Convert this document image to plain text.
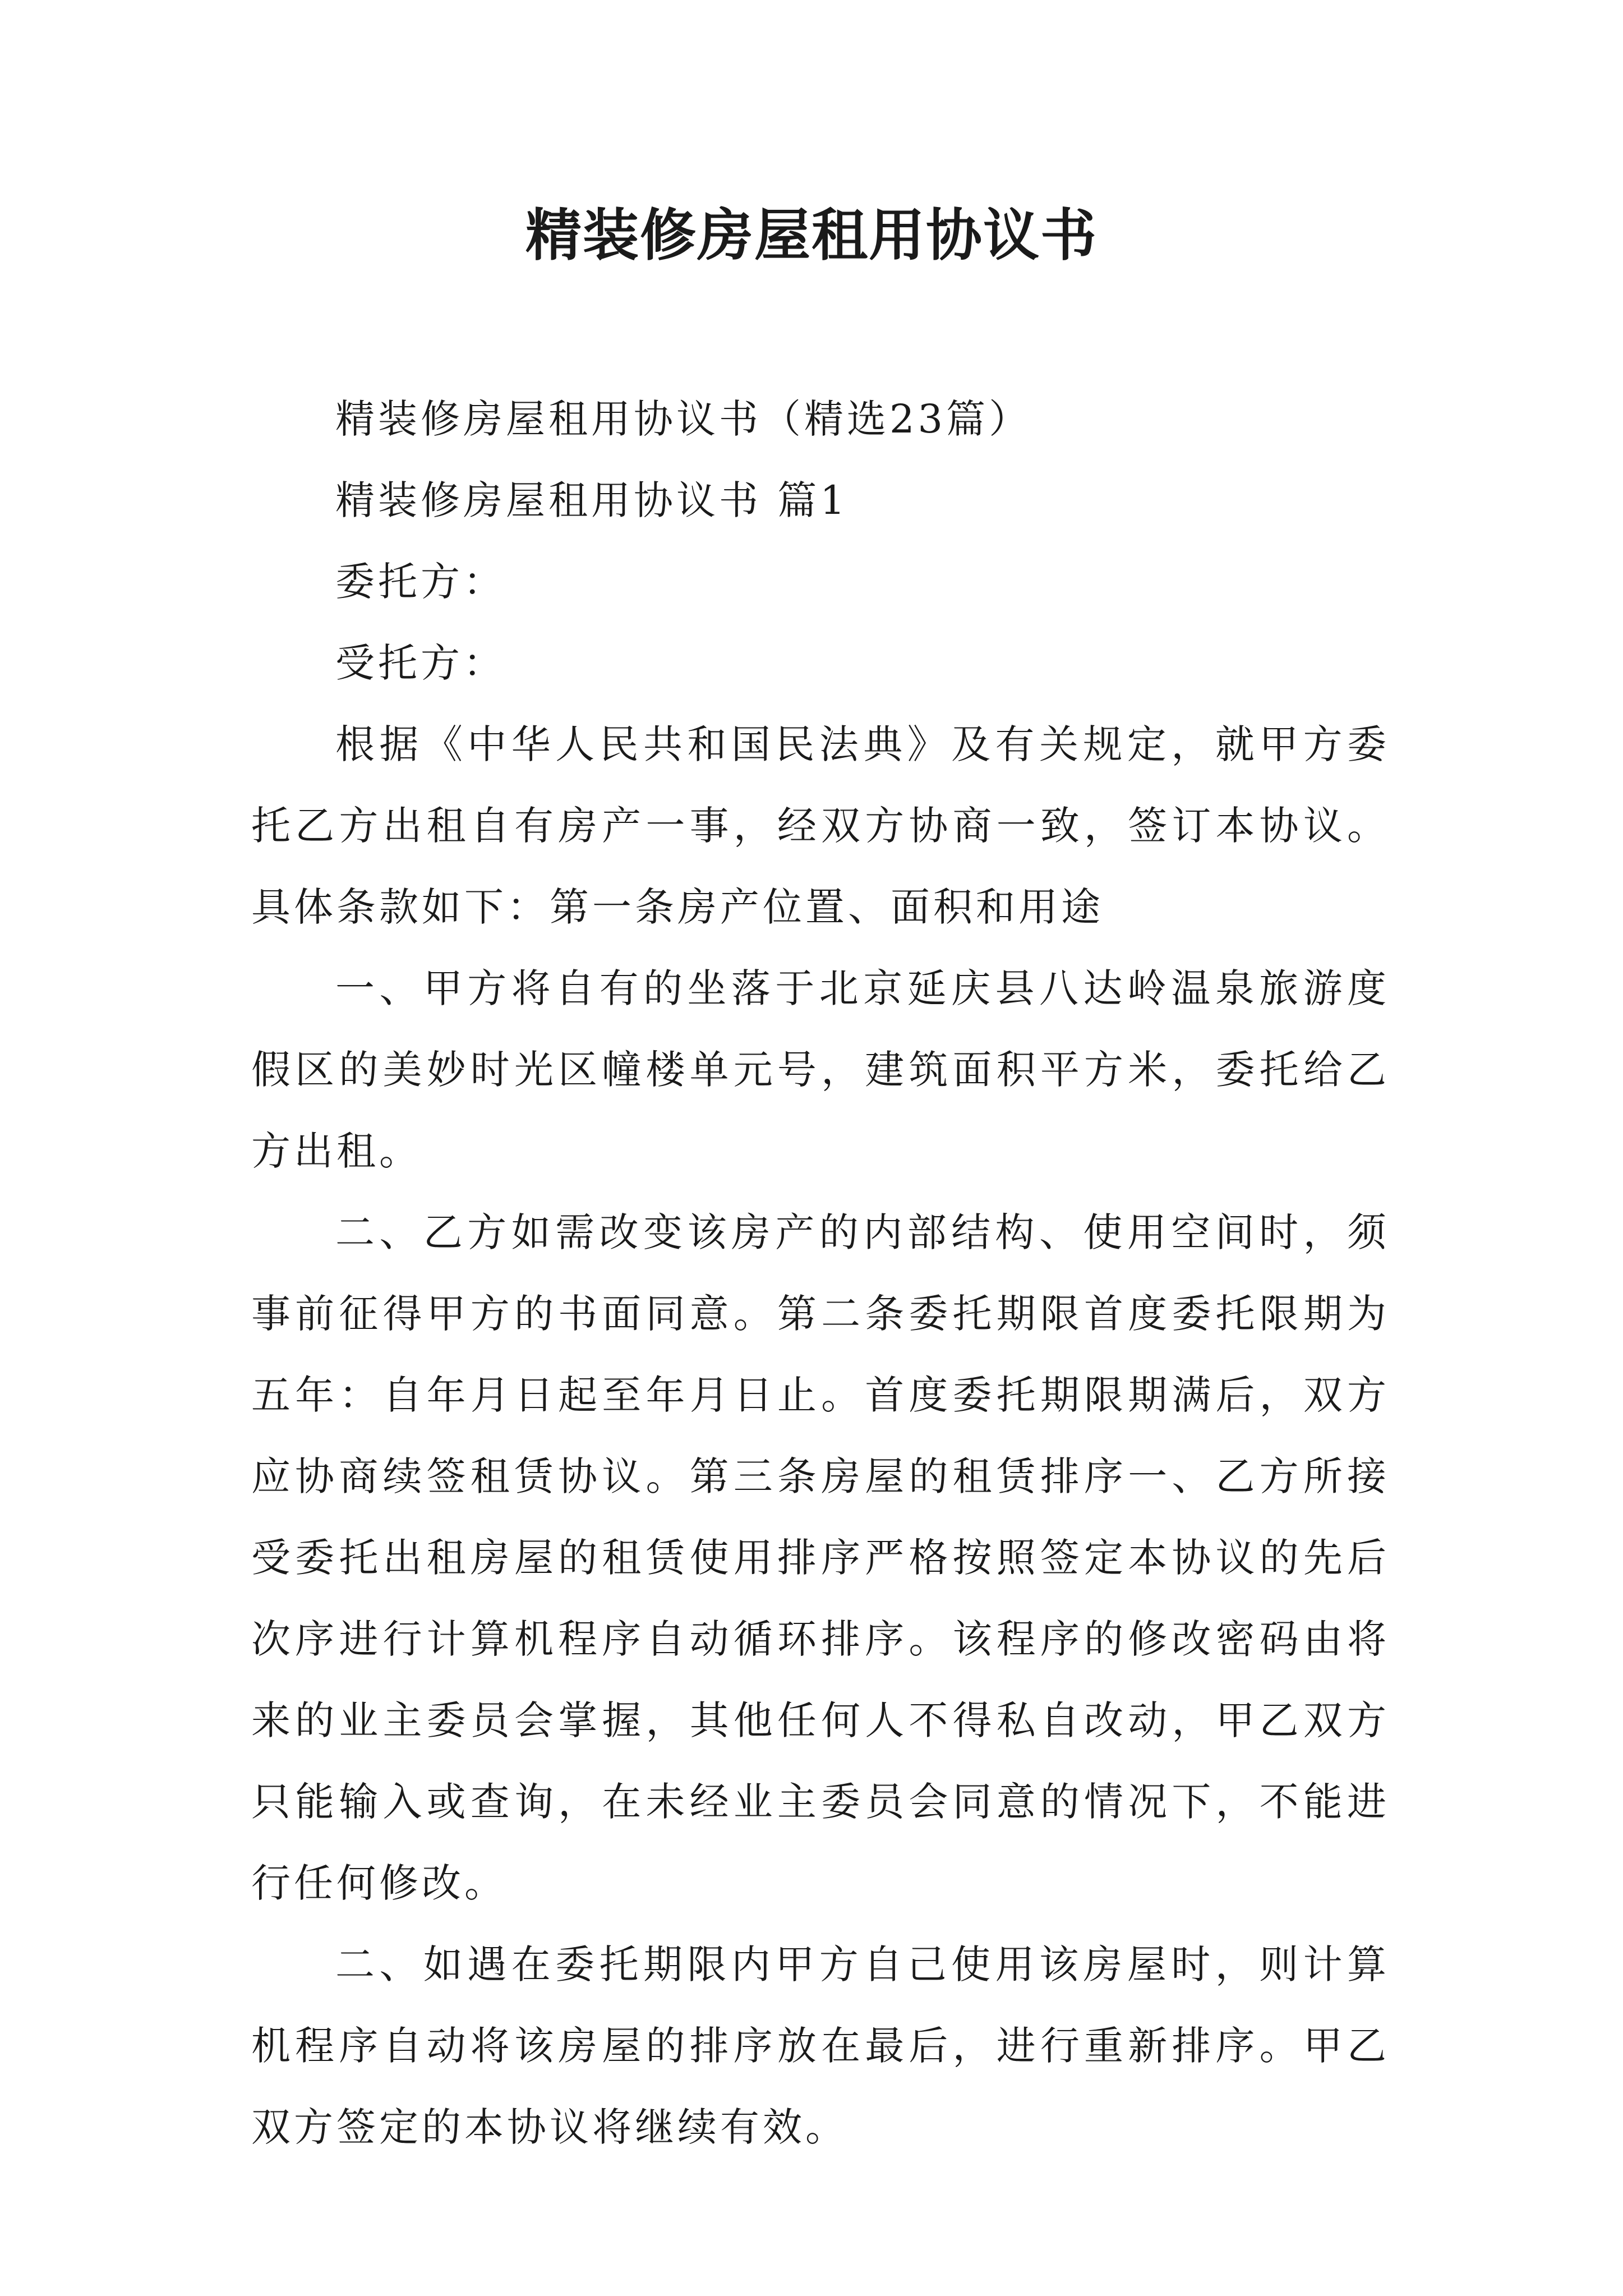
精装修房屋租用协议书

精装修房屋租用协议书（精选23篇）

精装修房屋租用协议书 篇1

委托方：

受托方：

根据《中华人民共和国民法典》及有关规定，就甲方委托乙方出租自有房产一事，经双方协商一致，签订本协议。具体条款如下：第一条房产位置、面积和用途

一、甲方将自有的坐落于北京延庆县八达岭温泉旅游度假区的美妙时光区幢楼单元号，建筑面积平方米，委托给乙方出租。

二、乙方如需改变该房产的内部结构、使用空间时，须事前征得甲方的书面同意。第二条委托期限首度委托限期为五年：自年月日起至年月日止。首度委托期限期满后，双方应协商续签租赁协议。第三条房屋的租赁排序一、乙方所接受委托出租房屋的租赁使用排序严格按照签定本协议的先后次序进行计算机程序自动循环排序。该程序的修改密码由将来的业主委员会掌握，其他任何人不得私自改动，甲乙双方只能输入或查询，在未经业主委员会同意的情况下，不能进行任何修改。

二、如遇在委托期限内甲方自己使用该房屋时，则计算机程序自动将该房屋的排序放在最后，进行重新排序。甲乙双方签定的本协议将继续有效。
